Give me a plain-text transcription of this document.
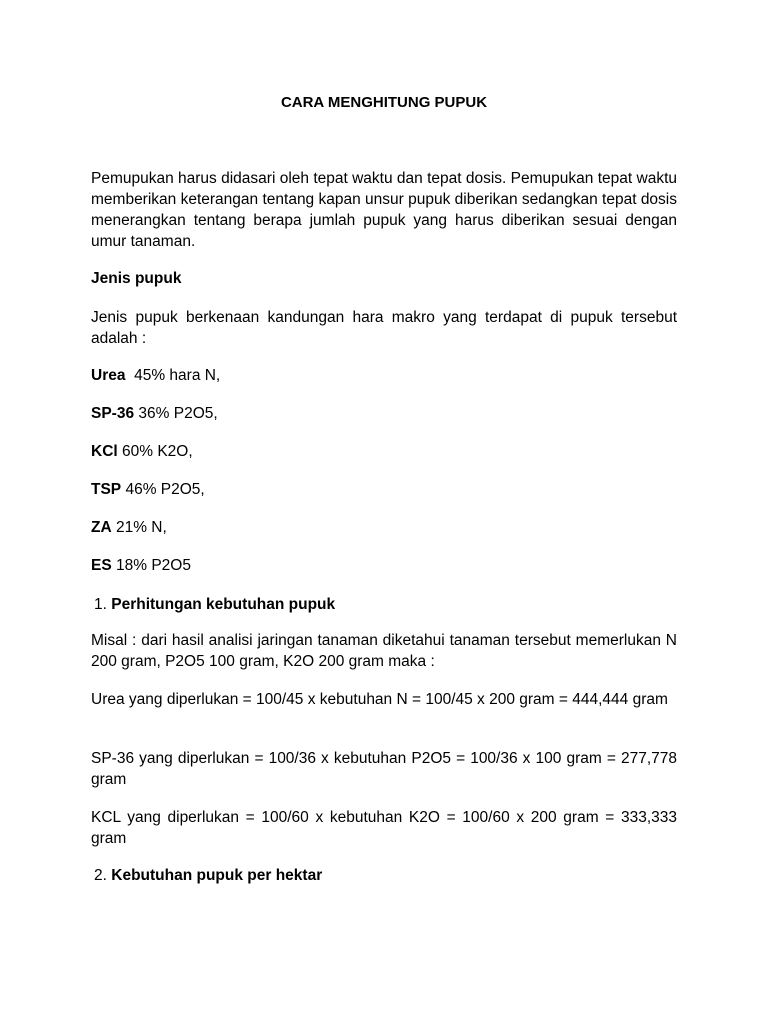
CARA MENGHITUNG PUPUK

Pemupukan harus didasari oleh tepat waktu dan tepat dosis. Pemupukan tepat waktu memberikan keterangan tentang kapan unsur pupuk diberikan sedangkan tepat dosis menerangkan tentang berapa jumlah pupuk yang harus diberikan sesuai dengan umur tanaman.

Jenis pupuk

Jenis pupuk berkenaan kandungan hara makro yang terdapat di pupuk tersebut adalah :

Urea  45% hara N,
SP-36 36% P2O5,
KCl 60% K2O,
TSP 46% P2O5,
ZA 21% N,
ES 18% P2O5
1. Perhitungan kebutuhan pupuk

Misal : dari hasil analisi jaringan tanaman diketahui tanaman tersebut memerlukan N 200 gram, P2O5 100 gram, K2O 200 gram maka :

Urea yang diperlukan = 100/45 x kebutuhan N = 100/45 x 200 gram = 444,444 gram

SP-36 yang diperlukan = 100/36 x kebutuhan P2O5 = 100/36 x 100 gram = 277,778 gram

KCL yang diperlukan = 100/60 x kebutuhan K2O = 100/60 x 200 gram = 333,333 gram

2. Kebutuhan pupuk per hektar
